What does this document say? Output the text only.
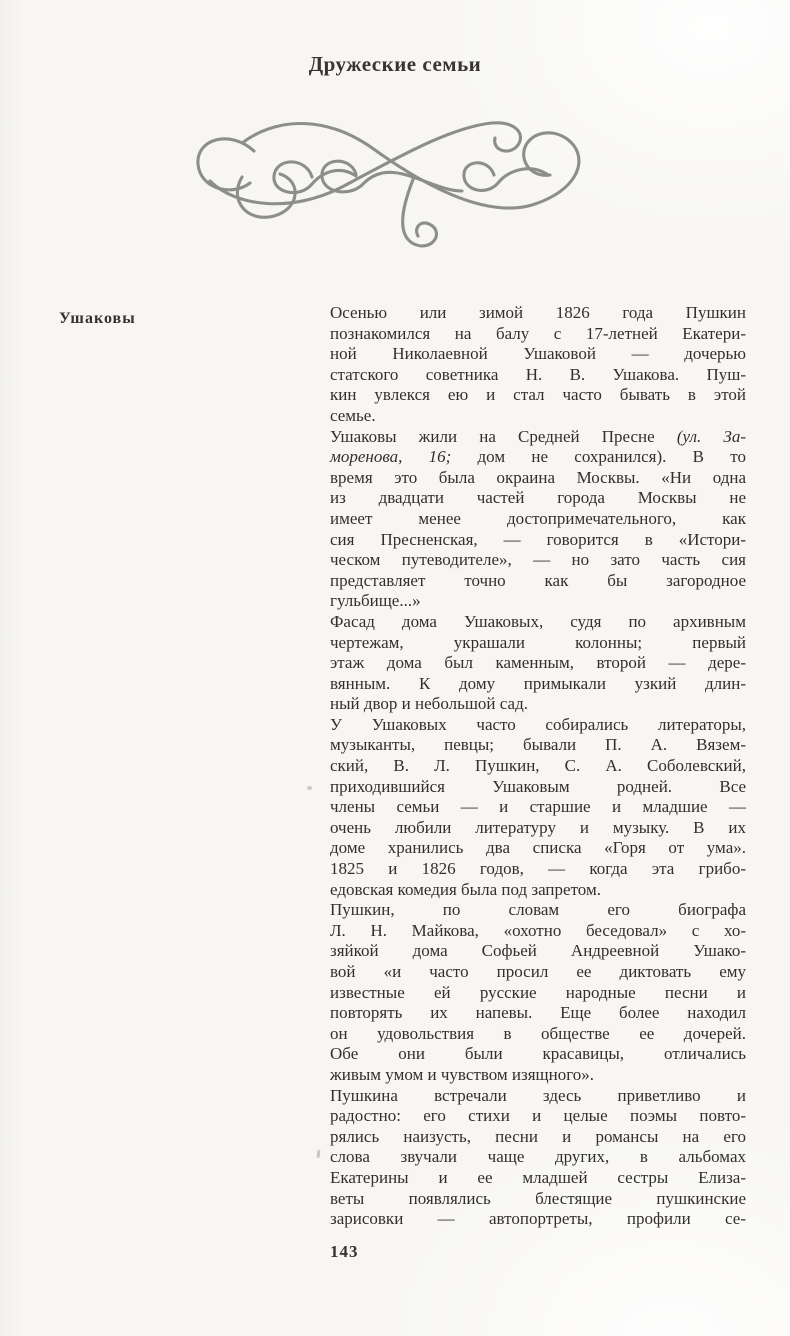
Дружеские семьи
Ушаковы	Осенью или зимой 1826 года Пушкин
познакомился на балу с 17-летней Екатери-
ной Николаевной Ушаковой — дочерью
статского советника Н. В. Ушакова. Пуш-
кин увлекся ею и стал часто бывать в этой
семье.
Ушаковы жили на Средней Пресне (ул. За-
моренова, 16; дом не сохранился). В то
время это была окраина Москвы. «Ни одна
из двадцати частей города Москвы не
имеет менее достопримечательного, как
сия Пресненская, — говорится в «Истори-
ческом путеводителе», — но зато часть сия
представляет точно как бы загородное
гульбище...»
Фасад дома Ушаковых, судя по архивным
чертежам, украшали колонны; первый
этаж дома был каменным, второй — дере-
вянным. К дому примыкали узкий длин-
ный двор и небольшой сад.
У Ушаковых часто собирались литераторы,
музыканты, певцы; бывали П. А. Вязем-
ский, В. Л. Пушкин, С. А. Соболевский,
приходившийся Ушаковым родней. Все
члены семьи — и старшие и младшие —
очень любили литературу и музыку. В их
доме хранились два списка «Горя от ума».
1825 и 1826 годов, — когда эта грибо-
едовская комедия была под запретом.
Пушкин, по словам его биографа
Л. Н. Майкова, «охотно беседовал» с хо-
зяйкой дома Софьей Андреевной Ушако-
вой «и часто просил ее диктовать ему
известные ей русские народные песни и
повторять их напевы. Еще более находил
он удовольствия в обществе ее дочерей.
Обе они были красавицы, отличались
живым умом и чувством изящного».
Пушкина встречали здесь приветливо и
радостно: его стихи и целые поэмы повто-
рялись наизусть, песни и романсы на его
слова звучали чаще других, в альбомах
Екатерины и ее младшей сестры Елиза-
веты появлялись блестящие пушкинские
зарисовки — автопортреты, профили се-
143
